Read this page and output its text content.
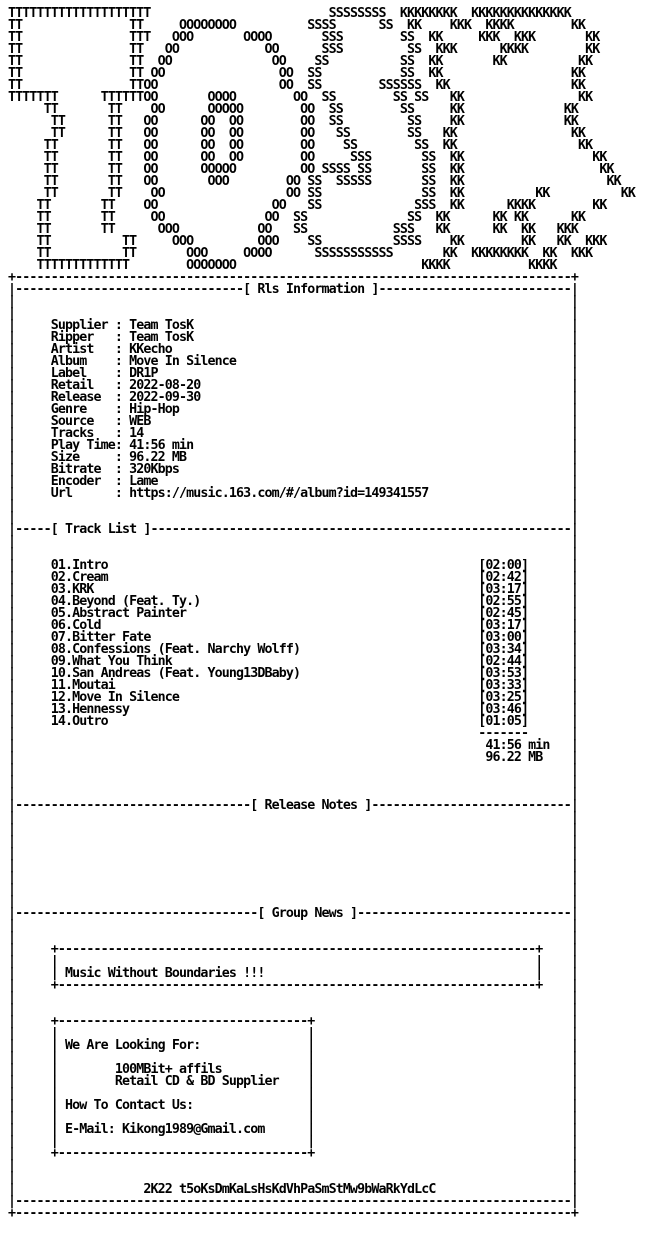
TTTTTTTTTTTTTTTTTTTT                         SSSSSSSS  KKKKKKKK  KKKKKKKKKKKKKK
TT               TT     OOOOOOOO          SSSS      SS  KK    KKK  KKKK        KK
TT               TTT   OOO       OOOO       SSS        SS  KK     KKK  KKK       KK
TT               TT   OO            OO      SSS         SS  KKK      KKKK        KK
TT               TT  OO              OO    SS          SS  KK       KK          KK
TT               TT OO                OO  SS           SS  KK                  KK
TT               TTOO                 OO  SS        SSSSSS  KK                 KK
TTTTTTT      TTTTTTOO       OOOO        OO  SS        SS SS   KK                KK
TT       TT    OO      OOOOO        OO  SS        SS     KK              KK
TT      TT   OO      OO  OO        OO  SS         SS    KK              KK
TT      TT   OO      OO  OO        OO   SS        SS   KK                KK
TT       TT   OO      OO  OO        OO    SS        SS  KK                 KK
TT       TT   OO      OO  OO        OO     SSS       SS  KK                  KK
TT       TT   OO      OOOOO         OO SSSS SS       SS  KK                   KK
TT       TT   OO       OOO        OO SS  SSSSS       SS  KK                    KK
TT       TT    OO                 OO SS              SS  KK          KK          KK
TT       TT    OO                OO   SS             SSS  KK      KKKK        KK
TT       TT     OO              OO  SS              SS  KK      KK KK      KK
TT       TT      OOO           OO   SS            SSS   KK      KK  KK   KKK
TT          TT     OOO         OOO    SS          SSSS    KK        KK   KK  KKK
TT          TT       OOO     OOOO      SSSSSSSSSSS       KK  KKKKKKKK  KK  KKK
TTTTTTTTTTTTT        OOOOOOO                          KKKK           KKKK
+------------------------------------------------------------------------------+
|--------------------------------[ Rls Information ]---------------------------|
|                                                                              |
|                                                                              |
|     Supplier : Team TosK                                                     |
|     Ripper   : Team TosK                                                     |
|     Artist   : KKecho                                                        |
|     Album    : Move In Silence                                               |
|     Label    : DR1P                                                          |
|     Retail   : 2022-08-20                                                    |
|     Release  : 2022-09-30                                                    |
|     Genre    : Hip-Hop                                                       |
|     Source   : WEB                                                           |
|     Tracks   : 14                                                            |
|     Play Time: 41:56 min                                                     |
|     Size     : 96.22 MB                                                      |
|     Bitrate  : 320Kbps                                                       |
|     Encoder  : Lame                                                          |
|     Url      : https://music.163.com/#/album?id=149341557                    |
|                                                                              |
|                                                                              |
|-----[ Track List ]-----------------------------------------------------------|
|                                                                              |
|                                                                              |
|     01.Intro                                                    [02:00]      |
|     02.Cream                                                    [02:42]      |
|     03.KRK                                                      [03:17]      |
|     04.Beyond (Feat. Ty.)                                       [02:55]      |
|     05.Abstract Painter                                         [02:45]      |
|     06.Cold                                                     [03:17]      |
|     07.Bitter Fate                                              [03:00]      |
|     08.Confessions (Feat. Narchy Wolff)                         [03:34]      |
|     09.What You Think                                           [02:44]      |
|     10.San Andreas (Feat. Young13DBaby)                         [03:53]      |
|     11.Moutai                                                   [03:33]      |
|     12.Move In Silence                                          [03:25]      |
|     13.Hennessy                                                 [03:46]      |
|     14.Outro                                                    [01:05]      |
|                                                                 -------      |
|                                                                  41:56 min   |
|                                                                  96.22 MB    |
|                                                                              |
|                                                                              |
|                                                                              |
|---------------------------------[ Release Notes ]----------------------------|
|                                                                              |
|                                                                              |
|                                                                              |
|                                                                              |
|                                                                              |
|                                                                              |
|                                                                              |
|                                                                              |
|----------------------------------[ Group News ]------------------------------|
|                                                                              |
|                                                                              |
|     +-------------------------------------------------------------------+    |
|     |                                                                   |    |
|     | Music Without Boundaries !!!                                      |    |
|     +-------------------------------------------------------------------+    |
|                                                                              |
|                                                                              |
|     +-----------------------------------+                                    |
|     |                                   |                                    |
|     | We Are Looking For:               |                                    |
|     |                                   |                                    |
|     |        100MBit+ affils            |                                    |
|     |        Retail CD & BD Supplier    |                                    |
|     |                                   |                                    |
|     | How To Contact Us:                |                                    |
|     |                                   |                                    |
|     | E-Mail: Kikong1989@Gmail.com      |                                    |
|     |                                   |                                    |
|     +-----------------------------------+                                    |
|                                                                              |
|                                                                              |
|                  2K22 t5oKsDmKaLsHsKdVhPaSmStMw9bWaRkYdLcC                   |
|------------------------------------------------------------------------------|
+------------------------------------------------------------------------------+
